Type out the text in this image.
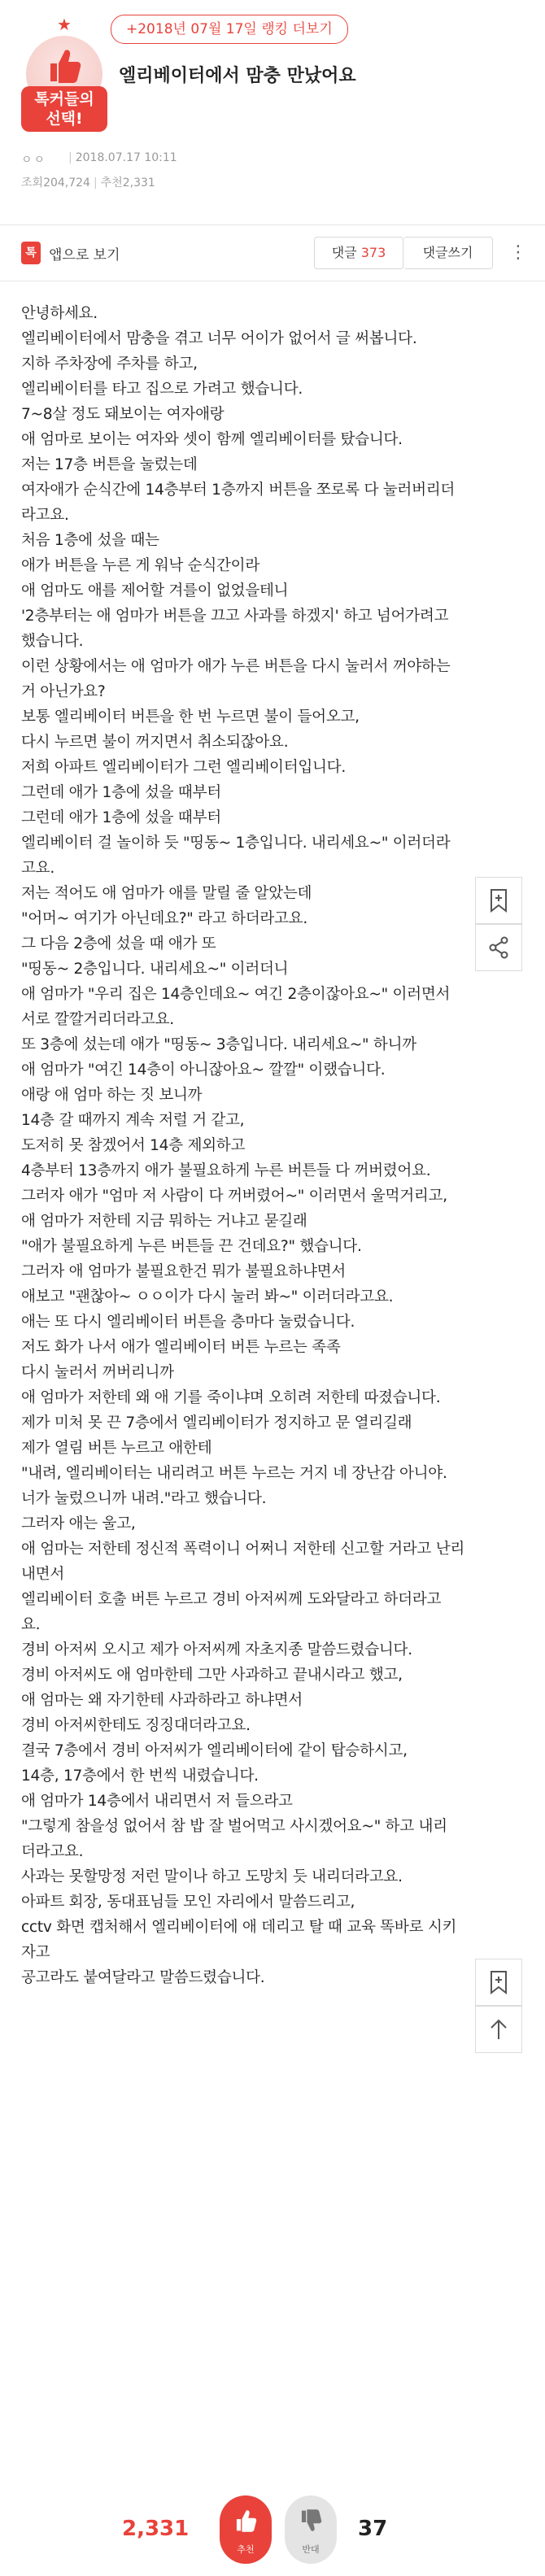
★
톡커들의
선택!
+2018년 07월 17일 랭킹 더보기
엘리베이터에서 맘충 만났어요
ㅇㅇ | 2018.07.17 10:11
조회204,724 | 추천2,331
톡 앱으로 보기	댓글 373	댓글쓰기	⋮

안녕하세요.

엘리베이터에서 맘충을 겪고 너무 어이가 없어서 글 써봅니다.

지하 주차장에 주차를 하고,

엘리베이터를 타고 집으로 가려고 했습니다.

7~8살 정도 돼보이는 여자애랑

애 엄마로 보이는 여자와 셋이 함께 엘리베이터를 탔습니다.

저는 17층 버튼을 눌렀는데

여자애가 순식간에 14층부터 1층까지 버튼을 쪼로록 다 눌러버리더

라고요.

처음 1층에 섰을 때는

애가 버튼을 누른 게 워낙 순식간이라

애 엄마도 애를 제어할 겨를이 없었을테니

'2층부터는 애 엄마가 버튼을 끄고 사과를 하겠지' 하고 넘어가려고

했습니다.

이런 상황에서는 애 엄마가 애가 누른 버튼을 다시 눌러서 꺼야하는

거 아닌가요?

보통 엘리베이터 버튼을 한 번 누르면 불이 들어오고,

다시 누르면 불이 꺼지면서 취소되잖아요.

저희 아파트 엘리베이터가 그런 엘리베이터입니다.

그런데 애가 1층에 섰을 때부터

그런데 애가 1층에 섰을 때부터

엘리베이터 걸 놀이하 듯 "띵동~ 1층입니다. 내리세요~" 이러더라

고요.

저는 적어도 애 엄마가 애를 말릴 줄 알았는데

"어머~ 여기가 아닌데요?" 라고 하더라고요.

그 다음 2층에 섰을 때 애가 또

"띵동~ 2층입니다. 내리세요~" 이러더니

애 엄마가 "우리 집은 14층인데요~ 여긴 2층이잖아요~" 이러면서

서로 깔깔거리더라고요.

또 3층에 섰는데 애가 "띵동~ 3층입니다. 내리세요~" 하니까

애 엄마가 "여긴 14층이 아니잖아요~ 깔깔" 이랬습니다.

애랑 애 엄마 하는 짓 보니까

14층 갈 때까지 계속 저럴 거 같고,

도저히 못 참겠어서 14층 제외하고

4층부터 13층까지 애가 불필요하게 누른 버튼들 다 꺼버렸어요.

그러자 애가 "엄마 저 사람이 다 꺼버렸어~" 이러면서 울먹거리고,

애 엄마가 저한테 지금 뭐하는 거냐고 묻길래

"애가 불필요하게 누른 버튼들 끈 건데요?" 했습니다.

그러자 애 엄마가 불필요한건 뭐가 불필요하냐면서

애보고 "괜찮아~ ㅇㅇ이가 다시 눌러 봐~" 이러더라고요.

애는 또 다시 엘리베이터 버튼을 층마다 눌렀습니다.

저도 화가 나서 애가 엘리베이터 버튼 누르는 족족

다시 눌러서 꺼버리니까

애 엄마가 저한테 왜 애 기를 죽이냐며 오히려 저한테 따졌습니다.

제가 미처 못 끈 7층에서 엘리베이터가 정지하고 문 열리길래

제가 열림 버튼 누르고 애한테

"내려, 엘리베이터는 내리려고 버튼 누르는 거지 네 장난감 아니야.

너가 눌렀으니까 내려."라고 했습니다.

그러자 애는 울고,

애 엄마는 저한테 정신적 폭력이니 어쩌니 저한테 신고할 거라고 난리

내면서

엘리베이터 호출 버튼 누르고 경비 아저씨께 도와달라고 하더라고

요.

경비 아저씨 오시고 제가 아저씨께 자초지종 말씀드렸습니다.

경비 아저씨도 애 엄마한테 그만 사과하고 끝내시라고 했고,

애 엄마는 왜 자기한테 사과하라고 하냐면서

경비 아저씨한테도 징징대더라고요.

결국 7층에서 경비 아저씨가 엘리베이터에 같이 탑승하시고,

14층, 17층에서 한 번씩 내렸습니다.

애 엄마가 14층에서 내리면서 저 들으라고

"그렇게 참을성 없어서 참 밥 잘 벌어먹고 사시겠어요~" 하고 내리

더라고요.

사과는 못할망정 저런 말이나 하고 도망치 듯 내리더라고요.

아파트 회장, 동대표님들 모인 자리에서 말씀드리고,

cctv 화면 캡처해서 엘리베이터에 애 데리고 탈 때 교육 똑바로 시키

자고

공고라도 붙여달라고 말씀드렸습니다.

2,331
추천	반대
37
